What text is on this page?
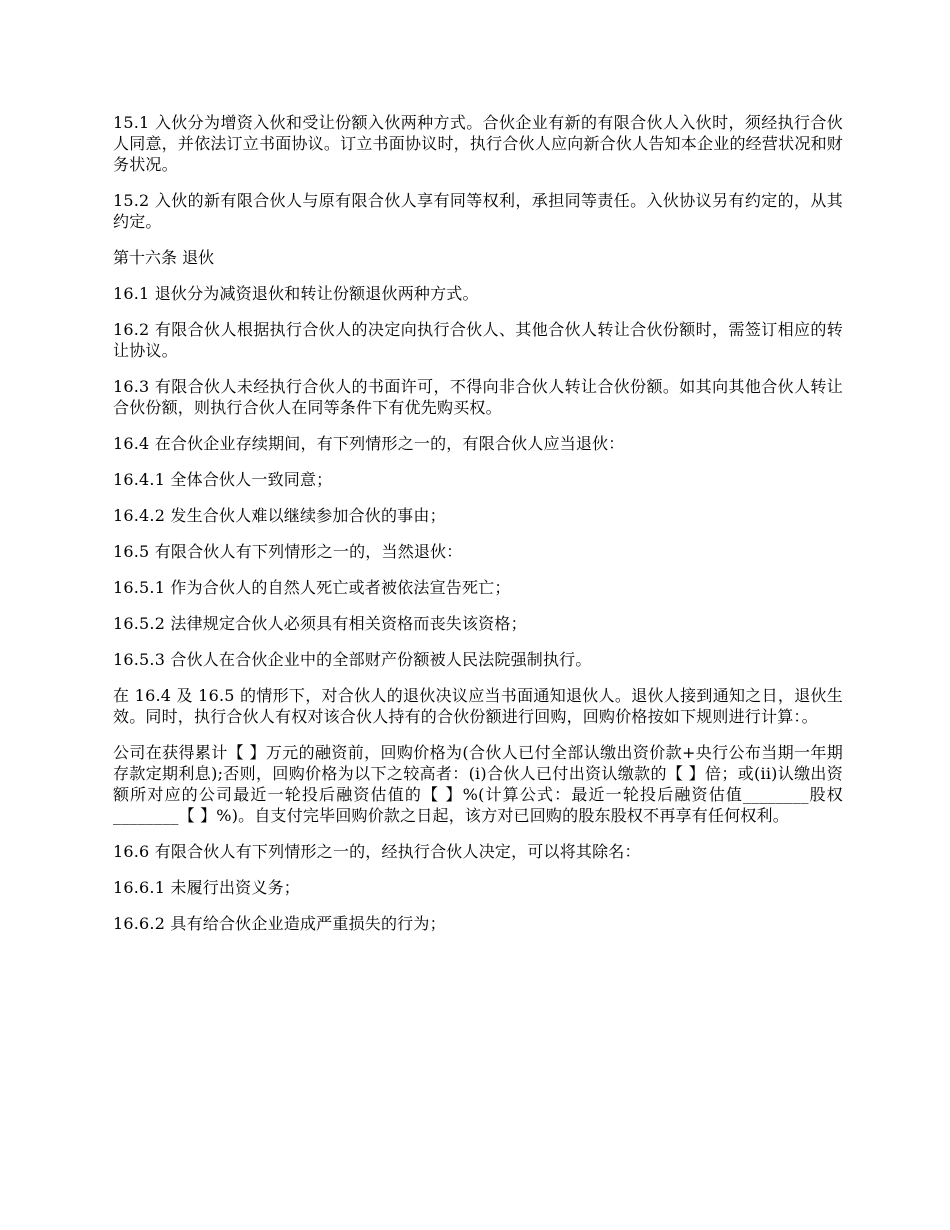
15.1 入伙分为增资入伙和受让份额入伙两种方式。合伙企业有新的有限合伙人入伙时，须经执行合伙人同意，并依法订立书面协议。订立书面协议时，执行合伙人应向新合伙人告知本企业的经营状况和财务状况。

15.2 入伙的新有限合伙人与原有限合伙人享有同等权利，承担同等责任。入伙协议另有约定的，从其约定。

第十六条 退伙

16.1 退伙分为减资退伙和转让份额退伙两种方式。

16.2 有限合伙人根据执行合伙人的决定向执行合伙人、其他合伙人转让合伙份额时，需签订相应的转让协议。

16.3 有限合伙人未经执行合伙人的书面许可，不得向非合伙人转让合伙份额。如其向其他合伙人转让合伙份额，则执行合伙人在同等条件下有优先购买权。

16.4 在合伙企业存续期间，有下列情形之一的，有限合伙人应当退伙：

16.4.1 全体合伙人一致同意；

16.4.2 发生合伙人难以继续参加合伙的事由；

16.5 有限合伙人有下列情形之一的，当然退伙：

16.5.1 作为合伙人的自然人死亡或者被依法宣告死亡；

16.5.2 法律规定合伙人必须具有相关资格而丧失该资格；

16.5.3 合伙人在合伙企业中的全部财产份额被人民法院强制执行。

在 16.4 及 16.5 的情形下，对合伙人的退伙决议应当书面通知退伙人。退伙人接到通知之日，退伙生效。同时，执行合伙人有权对该合伙人持有的合伙份额进行回购，回购价格按如下规则进行计算：。

公司在获得累计【 】万元的融资前，回购价格为(合伙人已付全部认缴出资价款+央行公布当期一年期存款定期利息);否则，回购价格为以下之较高者：(i)合伙人已付出资认缴款的【 】倍；或(ii)认缴出资额所对应的公司最近一轮投后融资估值的【 】%(计算公式：最近一轮投后融资估值________股权________【 】%)。自支付完毕回购价款之日起，该方对已回购的股东股权不再享有任何权利。

16.6 有限合伙人有下列情形之一的，经执行合伙人决定，可以将其除名：

16.6.1 未履行出资义务；

16.6.2 具有给合伙企业造成严重损失的行为；
